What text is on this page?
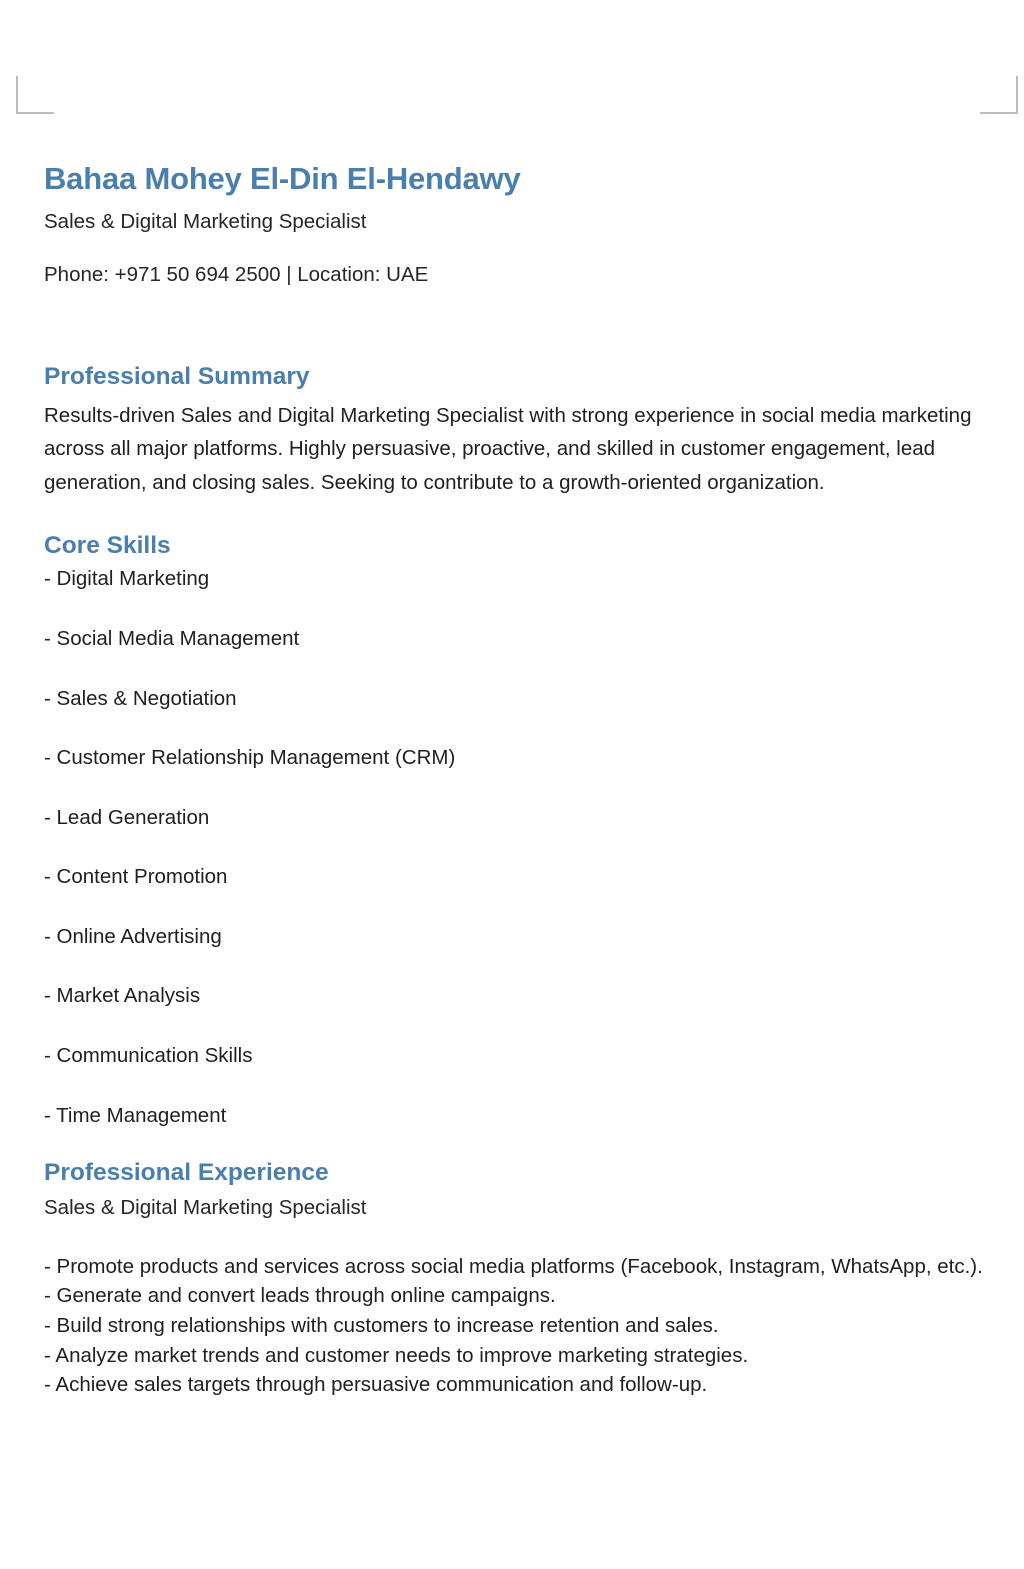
Bahaa Mohey El-Din El-Hendawy
Sales & Digital Marketing Specialist
Phone: +971 50 694 2500 | Location: UAE
Professional Summary

Results-driven Sales and Digital Marketing Specialist with strong experience in social media marketing across all major platforms. Highly persuasive, proactive, and skilled in customer engagement, lead generation, and closing sales. Seeking to contribute to a growth-oriented organization.

Core Skills
- Digital Marketing
- Social Media Management
- Sales & Negotiation
- Customer Relationship Management (CRM)
- Lead Generation
- Content Promotion
- Online Advertising
- Market Analysis
- Communication Skills
- Time Management
Professional Experience
Sales & Digital Marketing Specialist
- Promote products and services across social media platforms (Facebook, Instagram, WhatsApp, etc.).
- Generate and convert leads through online campaigns.
- Build strong relationships with customers to increase retention and sales.
- Analyze market trends and customer needs to improve marketing strategies.
- Achieve sales targets through persuasive communication and follow-up.
